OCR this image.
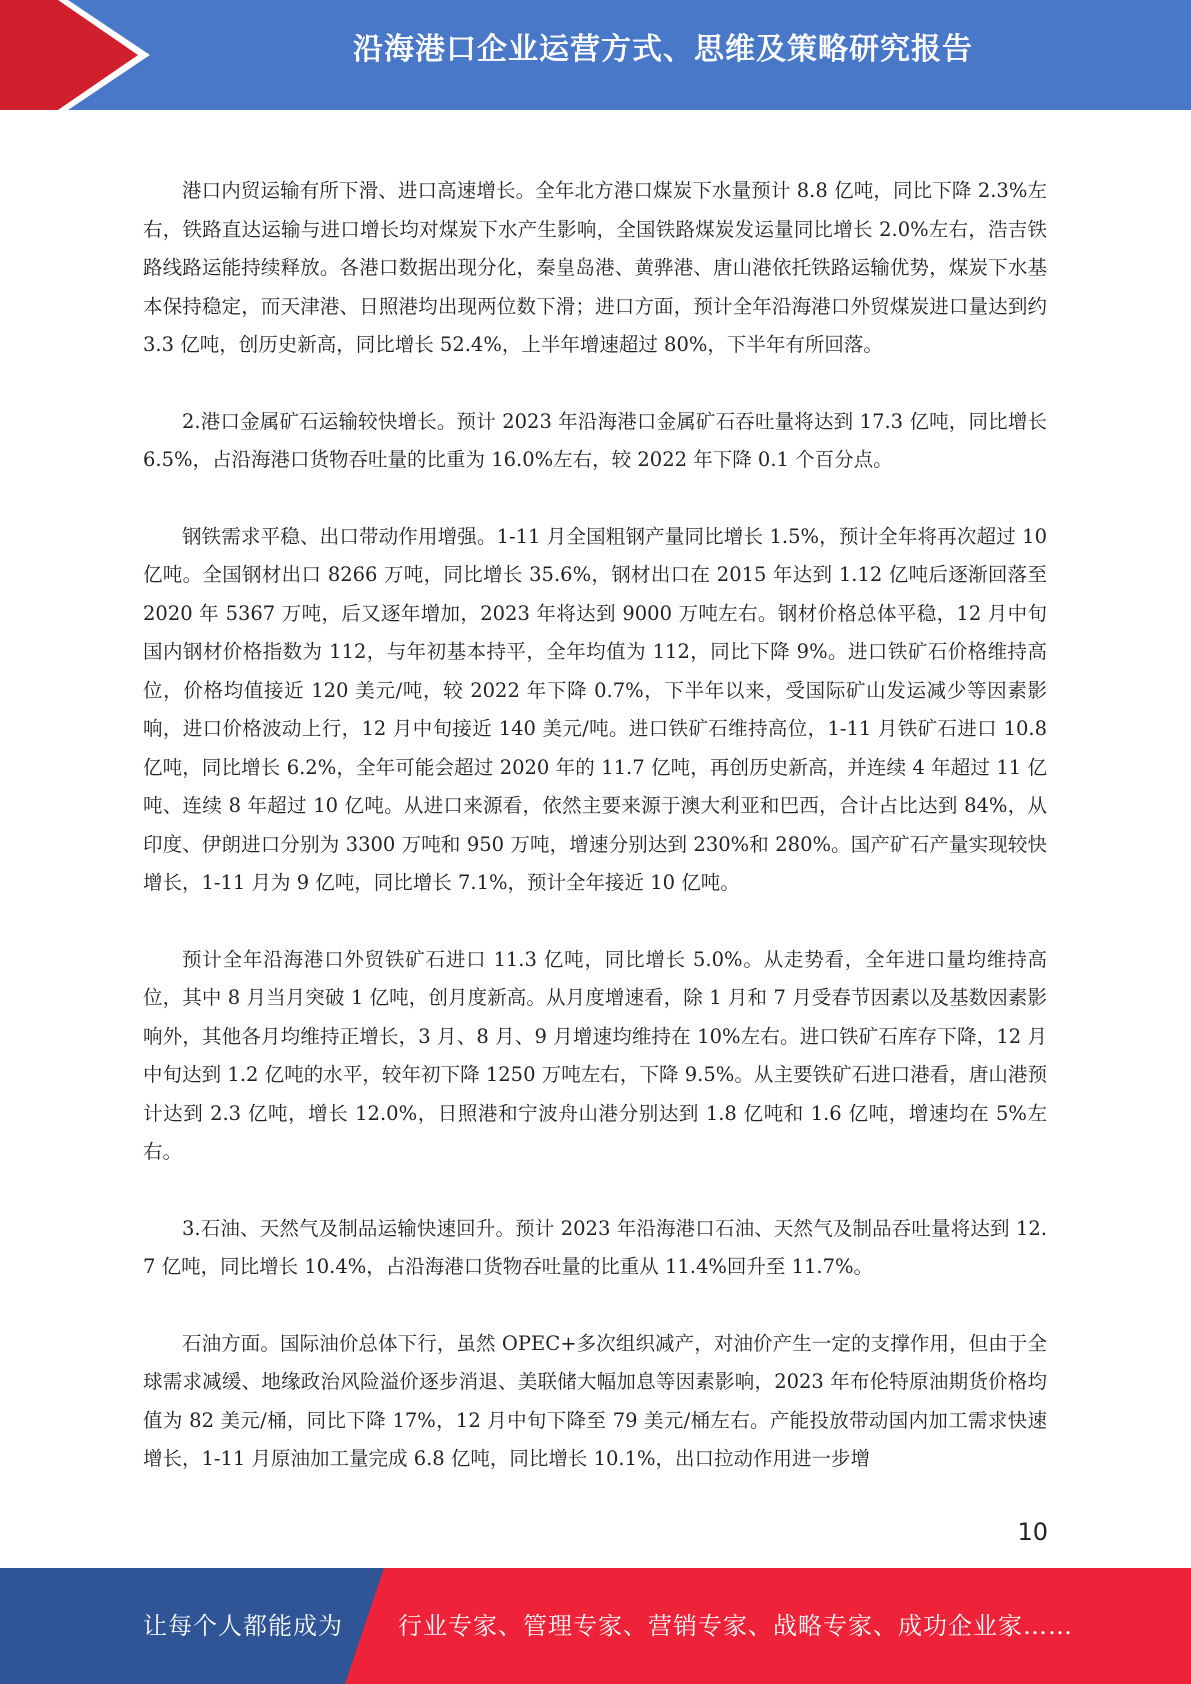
沿海港口企业运营方式、思维及策略研究报告

港口内贸运输有所下滑、进口高速增长。全年北方港口煤炭下水量预计 8.8 亿吨，同比下降 2.3%左右，铁路直达运输与进口增长均对煤炭下水产生影响，全国铁路煤炭发运量同比增长 2.0%左右，浩吉铁路线路运能持续释放。各港口数据出现分化，秦皇岛港、黄骅港、唐山港依托铁路运输优势，煤炭下水基本保持稳定，而天津港、日照港均出现两位数下滑；进口方面，预计全年沿海港口外贸煤炭进口量达到约 3.3 亿吨，创历史新高，同比增长 52.4%，上半年增速超过 80%，下半年有所回落。

2.港口金属矿石运输较快增长。预计 2023 年沿海港口金属矿石吞吐量将达到 17.3 亿吨，同比增长 6.5%，占沿海港口货物吞吐量的比重为 16.0%左右，较 2022 年下降 0.1 个百分点。

钢铁需求平稳、出口带动作用增强。1-11 月全国粗钢产量同比增长 1.5%，预计全年将再次超过 10 亿吨。全国钢材出口 8266 万吨，同比增长 35.6%，钢材出口在 2015 年达到 1.12 亿吨后逐渐回落至 2020 年 5367 万吨，后又逐年增加，2023 年将达到 9000 万吨左右。钢材价格总体平稳，12 月中旬国内钢材价格指数为 112，与年初基本持平，全年均值为 112，同比下降 9%。进口铁矿石价格维持高位，价格均值接近 120 美元/吨，较 2022 年下降 0.7%，下半年以来，受国际矿山发运减少等因素影响，进口价格波动上行，12 月中旬接近 140 美元/吨。进口铁矿石维持高位，1-11 月铁矿石进口 10.8 亿吨，同比增长 6.2%，全年可能会超过 2020 年的 11.7 亿吨，再创历史新高，并连续 4 年超过 11 亿吨、连续 8 年超过 10 亿吨。从进口来源看，依然主要来源于澳大利亚和巴西，合计占比达到 84%，从印度、伊朗进口分别为 3300 万吨和 950 万吨，增速分别达到 230%和 280%。国产矿石产量实现较快增长，1-11 月为 9 亿吨，同比增长 7.1%，预计全年接近 10 亿吨。

预计全年沿海港口外贸铁矿石进口 11.3 亿吨，同比增长 5.0%。从走势看，全年进口量均维持高位，其中 8 月当月突破 1 亿吨，创月度新高。从月度增速看，除 1 月和 7 月受春节因素以及基数因素影响外，其他各月均维持正增长，3 月、8 月、9 月增速均维持在 10%左右。进口铁矿石库存下降，12 月中旬达到 1.2 亿吨的水平，较年初下降 1250 万吨左右，下降 9.5%。从主要铁矿石进口港看，唐山港预计达到 2.3 亿吨，增长 12.0%，日照港和宁波舟山港分别达到 1.8 亿吨和 1.6 亿吨，增速均在 5%左右。

3.石油、天然气及制品运输快速回升。预计 2023 年沿海港口石油、天然气及制品吞吐量将达到 12.7 亿吨，同比增长 10.4%，占沿海港口货物吞吐量的比重从 11.4%回升至 11.7%。

石油方面。国际油价总体下行，虽然 OPEC+多次组织减产，对油价产生一定的支撑作用，但由于全球需求减缓、地缘政治风险溢价逐步消退、美联储大幅加息等因素影响，2023 年布伦特原油期货价格均值为 82 美元/桶，同比下降 17%，12 月中旬下降至 79 美元/桶左右。产能投放带动国内加工需求快速增长，1-11 月原油加工量完成 6.8 亿吨，同比增长 10.1%，出口拉动作用进一步增

10
让每个人都能成为 行业专家、管理专家、营销专家、战略专家、成功企业家……
